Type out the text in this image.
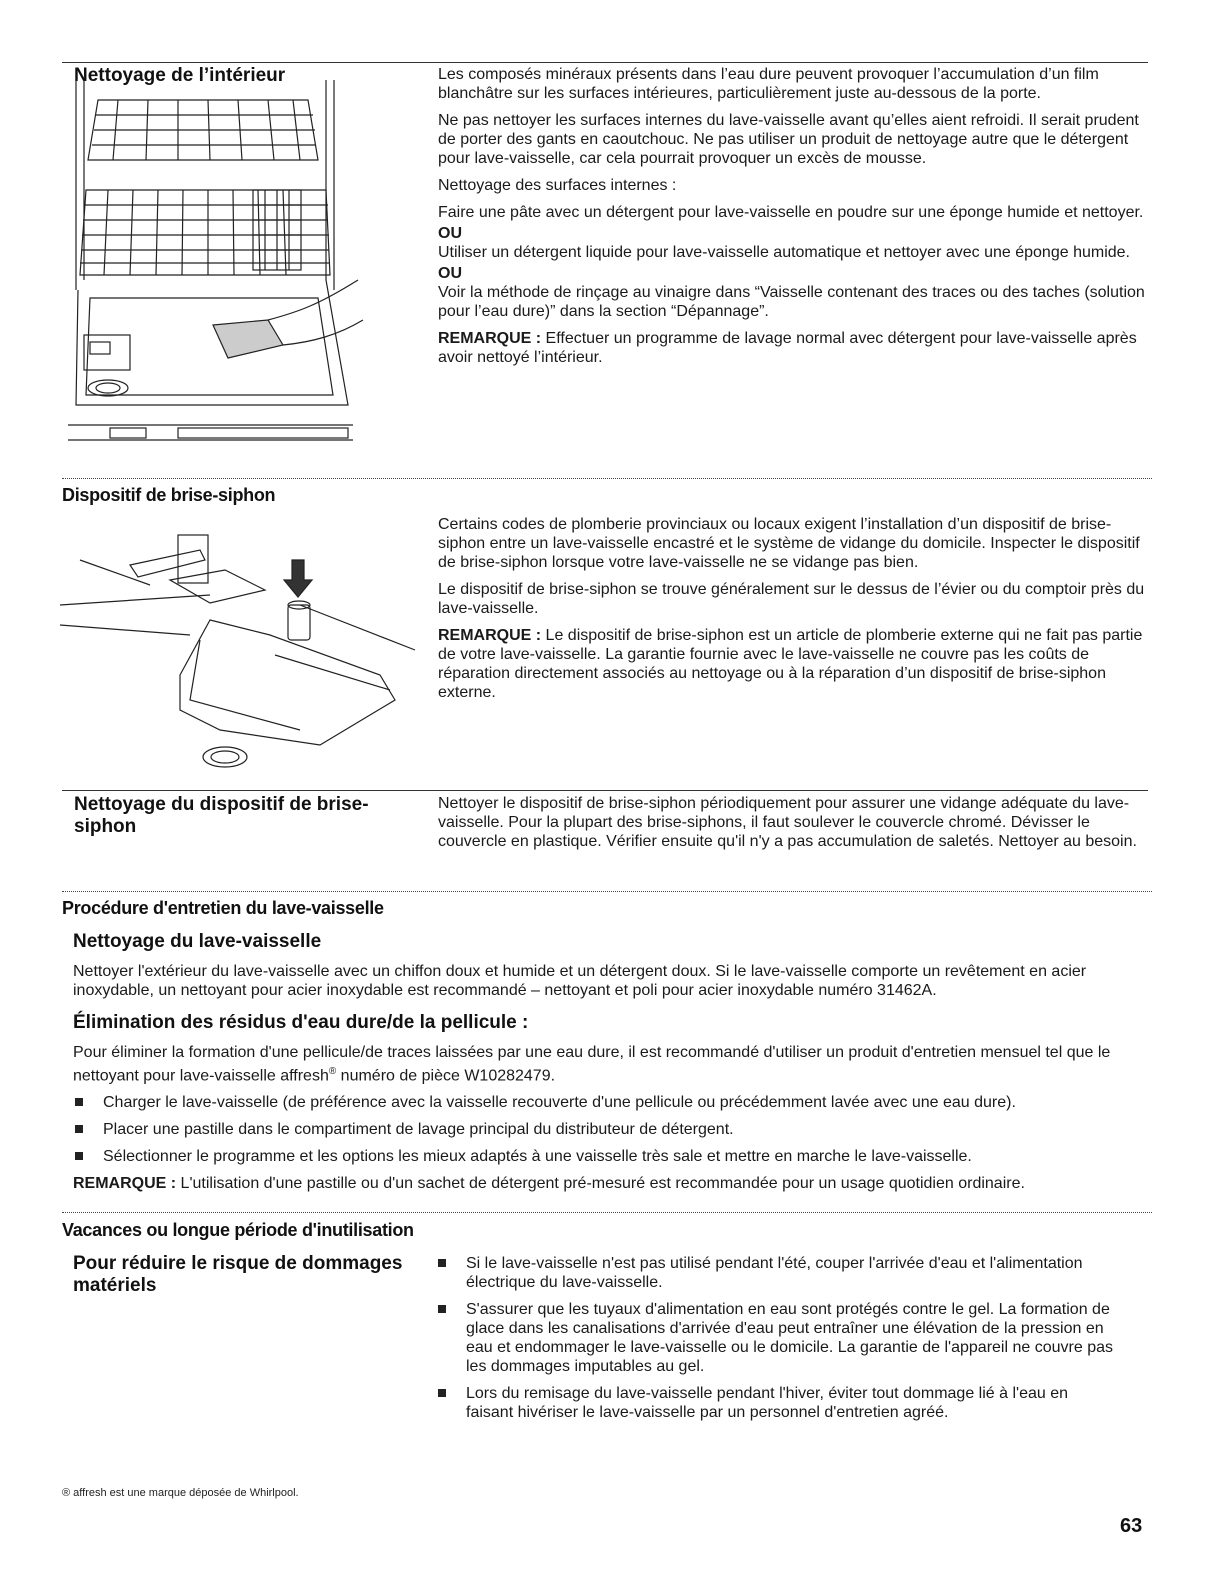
Nettoyage de l’intérieur	Les composés minéraux présents dans l’eau dure peuvent provoquer l’accumulation d’un film blanchâtre sur les surfaces intérieures, particulièrement juste au-dessous de la porte.

Ne pas nettoyer les surfaces internes du lave-vaisselle avant qu’elles aient refroidi. Il serait prudent de porter des gants en caoutchouc. Ne pas utiliser un produit de nettoyage autre que le détergent pour lave-vaisselle, car cela pourrait provoquer un excès de mousse.

Nettoyage des surfaces internes :

Faire une pâte avec un détergent pour lave-vaisselle en poudre sur une éponge humide et nettoyer.

OU

Utiliser un détergent liquide pour lave-vaisselle automatique et nettoyer avec une éponge humide.

OU

Voir la méthode de rinçage au vinaigre dans “Vaisselle contenant des traces ou des taches (solution pour l’eau dure)” dans la section “Dépannage”.

REMARQUE : Effectuer un programme de lavage normal avec détergent pour lave-vaisselle après avoir nettoyé l’intérieur.

Dispositif de brise-siphon

Certains codes de plomberie provinciaux ou locaux exigent l’installation d’un dispositif de brise-siphon entre un lave-vaisselle encastré et le système de vidange du domicile. Inspecter le dispositif de brise-siphon lorsque votre lave-vaisselle ne se vidange pas bien.

Le dispositif de brise-siphon se trouve généralement sur le dessus de l’évier ou du comptoir près du lave-vaisselle.

REMARQUE : Le dispositif de brise-siphon est un article de plomberie externe qui ne fait pas partie de votre lave-vaisselle. La garantie fournie avec le lave-vaisselle ne couvre pas les coûts de réparation directement associés au nettoyage ou à la réparation d’un dispositif de brise-siphon externe.

Nettoyage du dispositif de brise-siphon

Nettoyer le dispositif de brise-siphon périodiquement pour assurer une vidange adéquate du lave-vaisselle. Pour la plupart des brise-siphons, il faut soulever le couvercle chromé. Dévisser le couvercle en plastique. Vérifier ensuite qu'il n'y a pas accumulation de saletés. Nettoyer au besoin.

Procédure d'entretien du lave-vaisselle
Nettoyage du lave-vaisselle
Nettoyer l'extérieur du lave-vaisselle avec un chiffon doux et humide et un détergent doux. Si le lave-vaisselle comporte un revêtement en acier inoxydable, un nettoyant pour acier inoxydable est recommandé – nettoyant et poli pour acier inoxydable numéro 31462A.
Élimination des résidus d'eau dure/de la pellicule :

Pour éliminer la formation d'une pellicule/de traces laissées par une eau dure, il est recommandé d'utiliser un produit d'entretien mensuel tel que le nettoyant pour lave-vaisselle affresh® numéro de pièce W10282479.

Charger le lave-vaisselle (de préférence avec la vaisselle recouverte d'une pellicule ou précédemment lavée avec une eau dure).

Placer une pastille dans le compartiment de lavage principal du distributeur de détergent.

Sélectionner le programme et les options les mieux adaptés à une vaisselle très sale et mettre en marche le lave-vaisselle.

REMARQUE : L'utilisation d'une pastille ou d'un sachet de détergent pré-mesuré est recommandée pour un usage quotidien ordinaire.

Vacances ou longue période d'inutilisation
Pour réduire le risque de dommages matériels

Si le lave-vaisselle n'est pas utilisé pendant l'été, couper l'arrivée d'eau et l'alimentation électrique du lave-vaisselle.

S'assurer que les tuyaux d'alimentation en eau sont protégés contre le gel. La formation de glace dans les canalisations d'arrivée d'eau peut entraîner une élévation de la pression en eau et endommager le lave-vaisselle ou le domicile. La garantie de l'appareil ne couvre pas les dommages imputables au gel.

Lors du remisage du lave-vaisselle pendant l'hiver, éviter tout dommage lié à l'eau en faisant hivériser le lave-vaisselle par un personnel d'entretien agréé.

® affresh est une marque déposée de Whirlpool.
63
